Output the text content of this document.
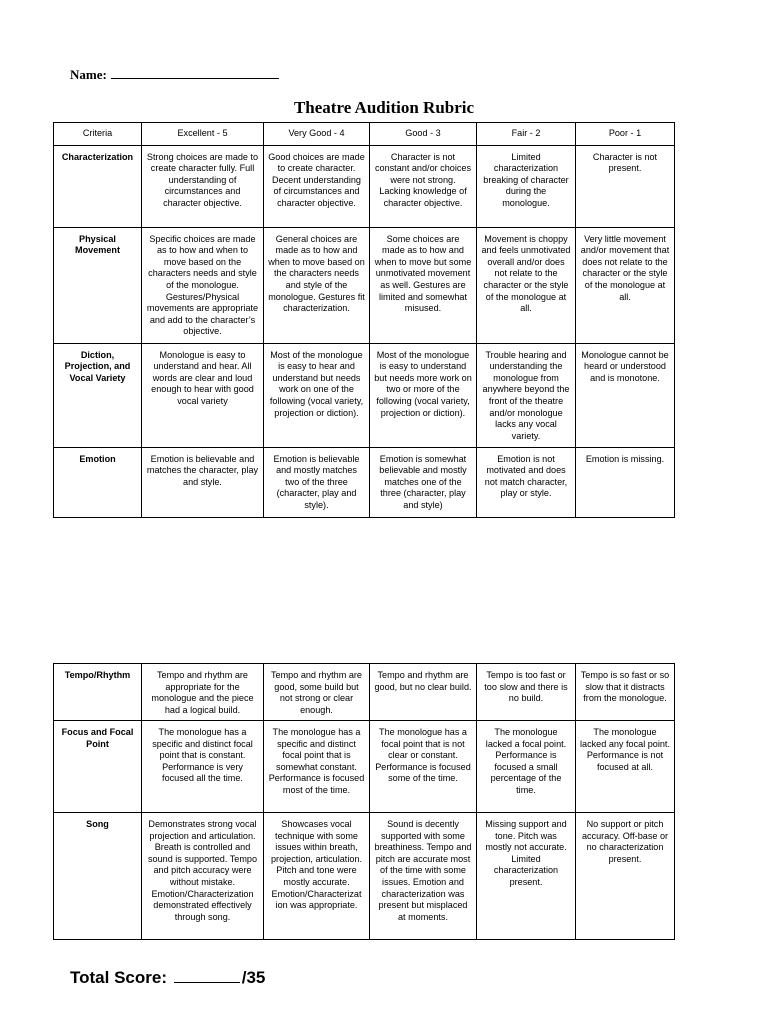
Name:
Theatre Audition Rubric
Criteria	Excellent - 5	Very Good - 4	Good - 3	Fair - 2	Poor - 1
Characterization	Strong choices are made to create character fully. Full understanding of circumstances and character objective.	Good choices are made to create character. Decent understanding of circumstances and character objective.	Character is not constant and/or choices were not strong. Lacking knowledge of character objective.	Limited characterization breaking of character during the monologue.	Character is not present.
Physical Movement	Specific choices are made as to how and when to move based on the characters needs and style of the monologue. Gestures/Physical movements are appropriate and add to the character’s objective.	General choices are made as to how and when to move based on the characters needs and style of the monologue. Gestures fit characterization.	Some choices are made as to how and when to move but some unmotivated movement as well. Gestures are limited and somewhat misused.	Movement is choppy and feels unmotivated overall and/or does not relate to the character or the style of the monologue at all.	Very little movement and/or movement that does not relate to the character or the style of the monologue at all.
Diction, Projection, and Vocal Variety	Monologue is easy to understand and hear. All words are clear and loud enough to hear with good vocal variety	Most of the monologue is easy to hear and understand but needs work on one of the following (vocal variety, projection or diction).	Most of the monologue is easy to understand but needs more work on two or more of the following (vocal variety, projection or diction).	Trouble hearing and understanding the monologue from anywhere beyond the front of the theatre and/or monologue lacks any vocal variety.	Monologue cannot be heard or understood and is monotone.
Emotion	Emotion is believable and matches the character, play and style.	Emotion is believable and mostly matches two of the three (character, play and style).	Emotion is somewhat believable and mostly matches one of the three (character, play and style)	Emotion is not motivated and does not match character, play or style.	Emotion is missing.
Tempo/Rhythm	Tempo and rhythm are appropriate for the monologue and the piece had a logical build.	Tempo and rhythm are good, some build but not strong or clear enough.	Tempo and rhythm are good, but no clear build.	Tempo is too fast or too slow and there is no build.	Tempo is so fast or so slow that it distracts from the monologue.
Focus and Focal Point	The monologue has a specific and distinct focal point that is constant. Performance is very focused all the time.	The monologue has a specific and distinct focal point that is somewhat constant. Performance is focused most of the time.	The monologue has a focal point that is not clear or constant. Performance is focused some of the time.	The monologue lacked a focal point. Performance is focused a small percentage of the time.	The monologue lacked any focal point. Performance is not focused at all.
Song	Demonstrates strong vocal projection and articulation. Breath is controlled and sound is supported. Tempo and pitch accuracy were without mistake. Emotion/Characterization demonstrated effectively through song.	Showcases vocal technique with some issues within breath, projection, articulation. Pitch and tone were mostly accurate. Emotion/Characterizat ion was appropriate.	Sound is decently supported with some breathiness. Tempo and pitch are accurate most of the time with some issues. Emotion and characterization was present but misplaced at moments.	Missing support and tone. Pitch was mostly not accurate. Limited characterization present.	No support or pitch accuracy. Off-base or no characterization present.
Total Score:	/35
